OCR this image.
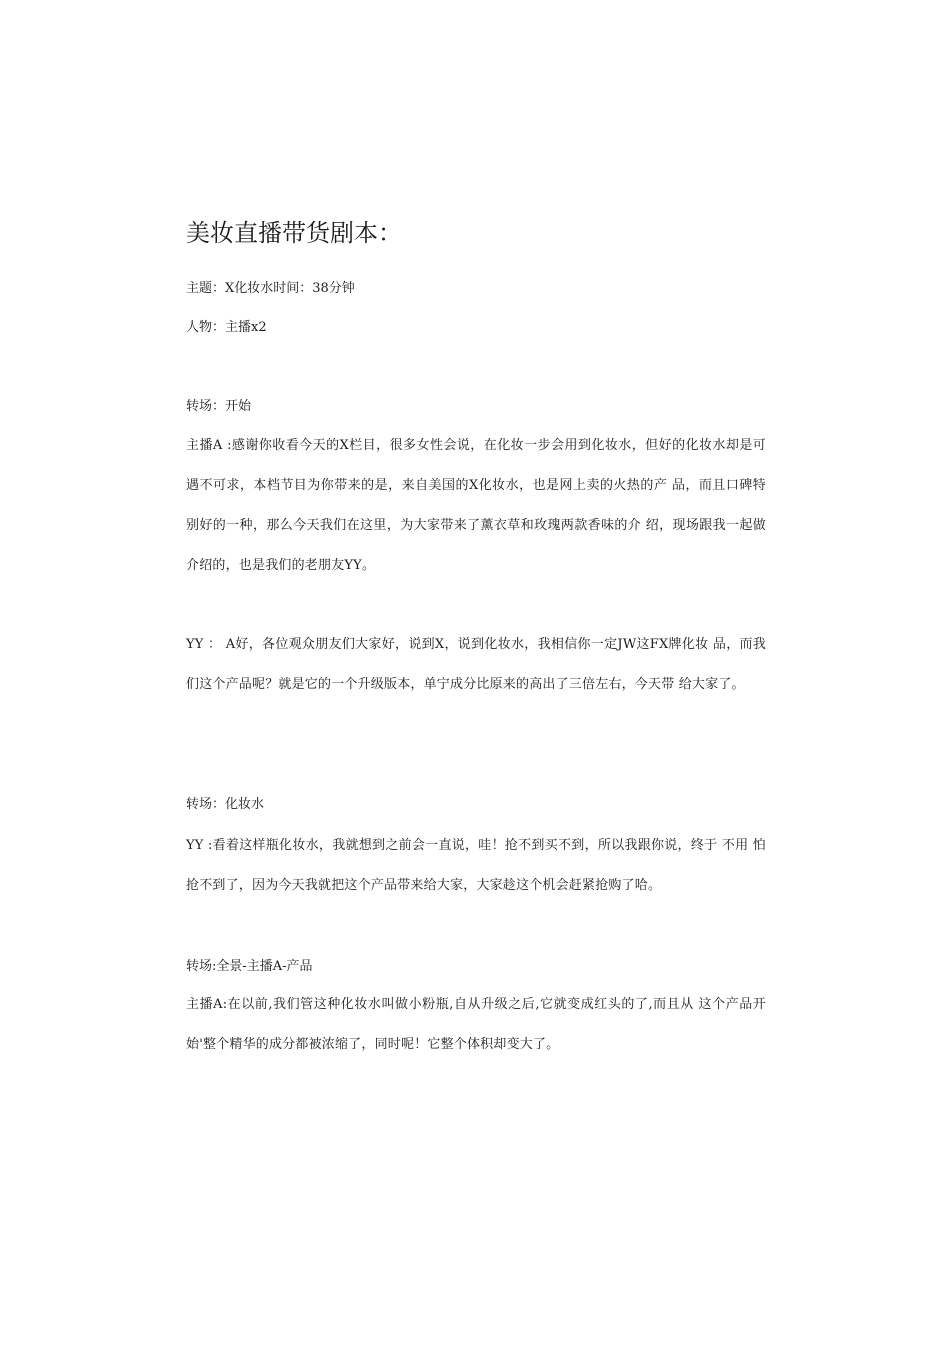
美妆直播带货剧本：

主题：X化妆水时间：38分钟

人物：主播x2

转场：开始

主播A :感谢你收看今天的X栏目，很多女性会说，在化妆一步会用到化妆水，但好的化妆水却是可遇不可求，本档节目为你带来的是，来自美国的X化妆水，也是网上卖的火热的产 品，而且口碑特别好的一种，那么今天我们在这里，为大家带来了薰衣草和玫瑰两款香味的介 绍，现场跟我一起做介绍的，也是我们的老朋友YY。

YY ： A好，各位观众朋友们大家好，说到X，说到化妆水，我相信你一定JW这FX牌化妆 品，而我们这个产品呢？就是它的一个升级版本，单宁成分比原来的高出了三倍左右，今天带 给大家了。

转场：化妆水

YY :看着这样瓶化妆水，我就想到之前会一直说，哇！抢不到买不到，所以我跟你说，终于 不用 怕抢不到了，因为今天我就把这个产品带来给大家，大家趁这个机会赶紧抢购了哈。

转场:全景-主播A-产品

主播A:在以前,我们管这种化妆水叫做小粉瓶,自从升级之后,它就变成红头的了,而且从 这个产品开始'整个精华的成分都被浓缩了，同时呢！它整个体积却变大了。
